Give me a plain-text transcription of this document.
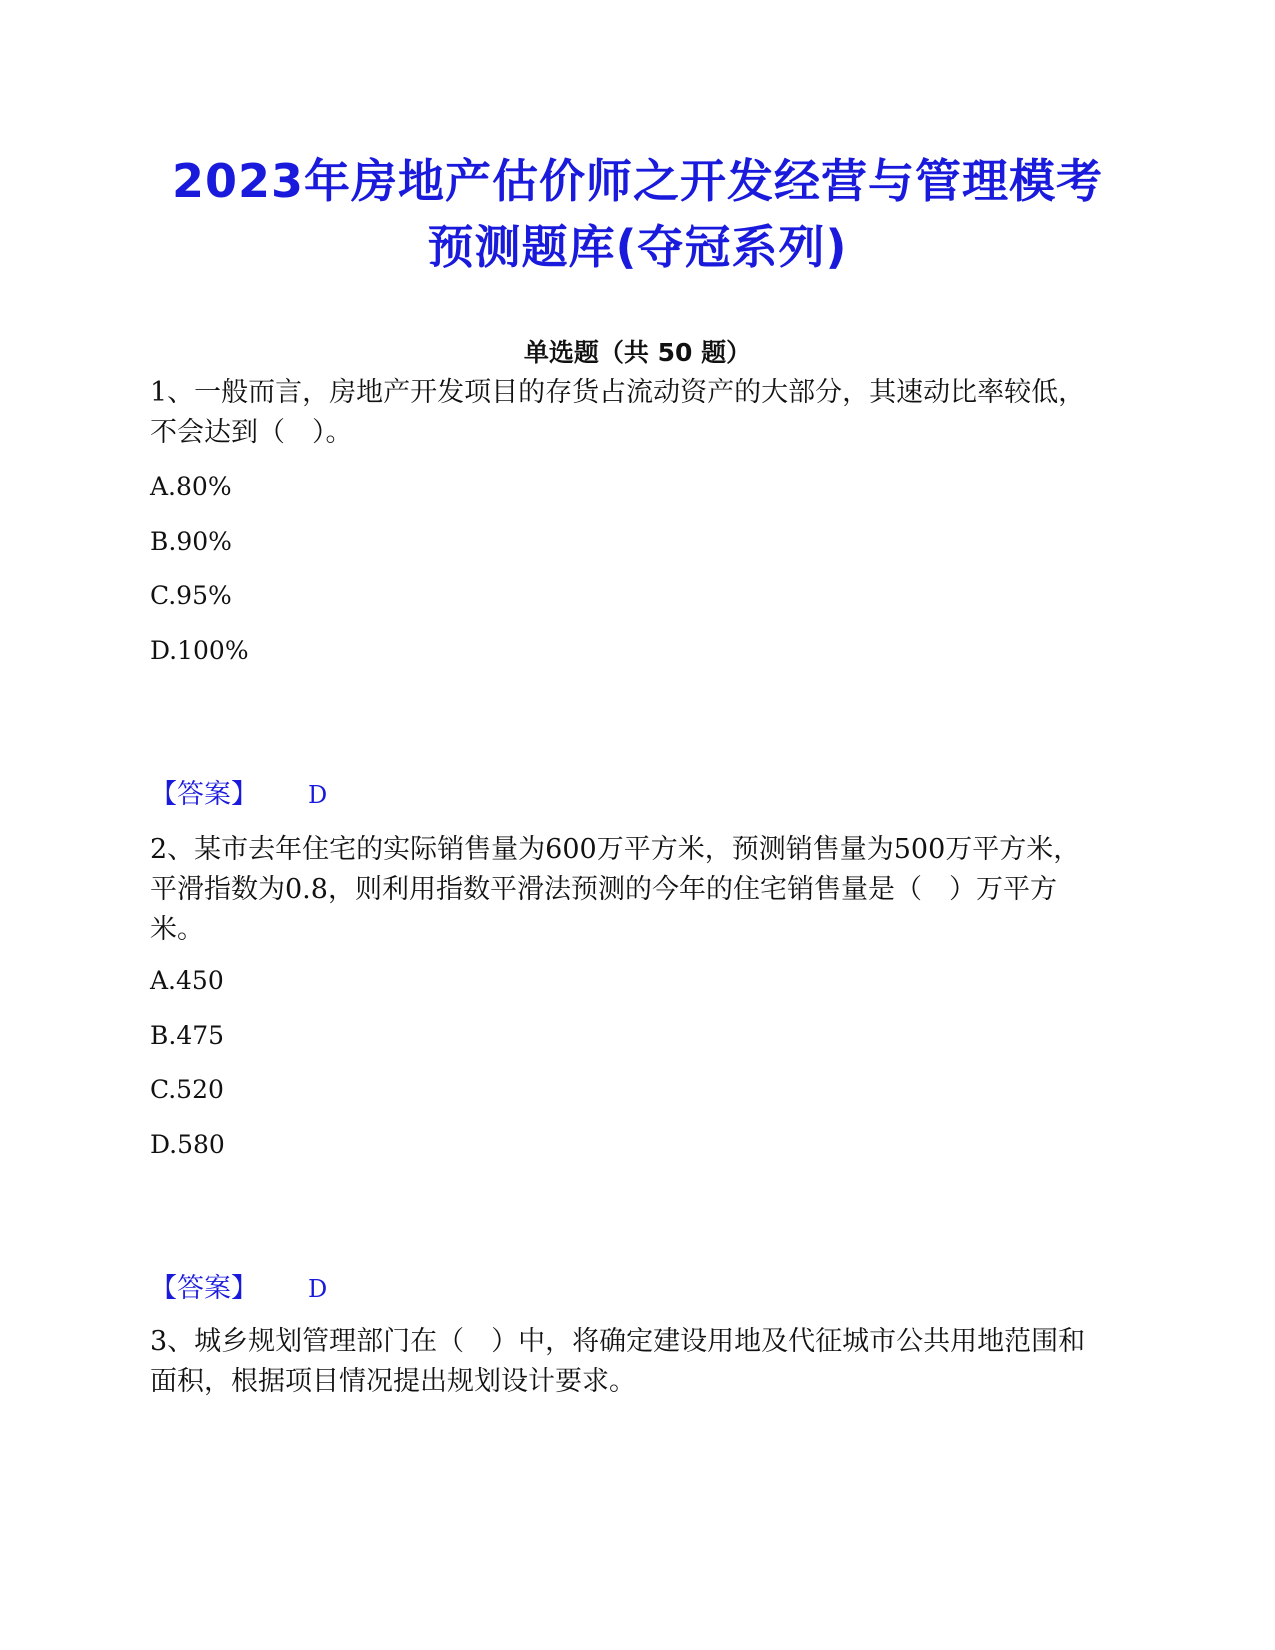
2023年房地产估价师之开发经营与管理模考
预测题库(夺冠系列)
单选题（共 50 题）
1、一般而言，房地产开发项目的存货占流动资产的大部分，其速动比率较低，不会达到（　）。
A.80%
B.90%
C.95%
D.100%
【答案】 D
2、某市去年住宅的实际销售量为600万平方米，预测销售量为500万平方米，平滑指数为0.8，则利用指数平滑法预测的今年的住宅销售量是（　）万平方米。
A.450
B.475
C.520
D.580
【答案】 D
3、城乡规划管理部门在（　）中，将确定建设用地及代征城市公共用地范围和面积，根据项目情况提出规划设计要求。
